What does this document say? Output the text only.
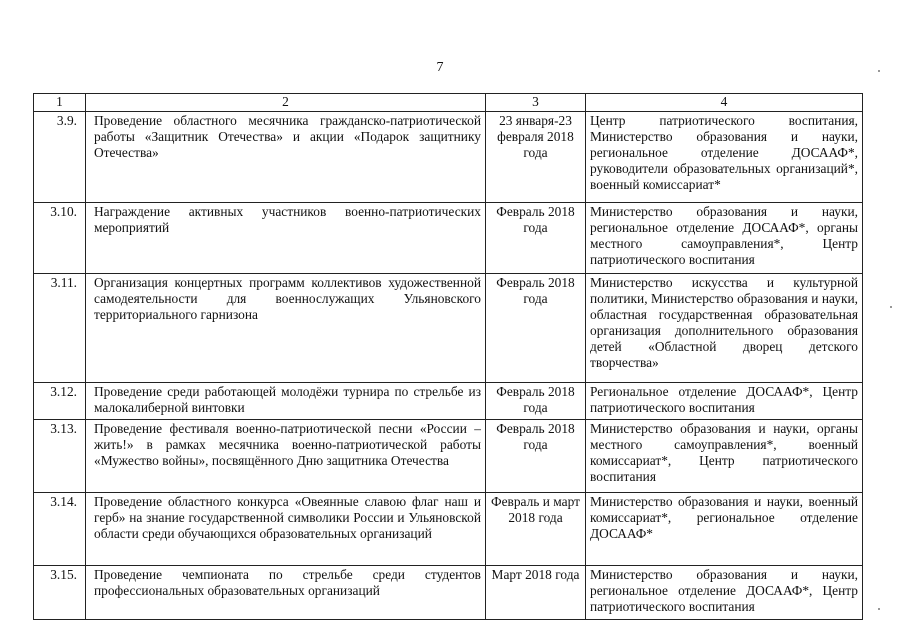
7
1	2	3	4
3.9.	Проведение областного месячника гражданско-патриотической работы «Защитник Отечества» и акции «Подарок защитнику Отечества»	23 января-23 февраля 2018 года	Центр патриотического воспитания, Министерство образования и науки, региональное отделение ДОСААФ*, руководители образовательных организаций*, военный комиссариат*
3.10.	Награждение активных участников военно-патриотических мероприятий	Февраль 2018 года	Министерство образования и науки, региональное отделение ДОСААФ*, органы местного самоуправления*, Центр патриотического воспитания
3.11.	Организация концертных программ коллективов художественной самодеятельности для военнослужащих Ульяновского территориального гарнизона	Февраль 2018 года	Министерство искусства и культурной политики, Министерство образования и науки, областная государственная образовательная организация дополнительного образования детей «Областной дворец детского творчества»
3.12.	Проведение среди работающей молодёжи турнира по стрельбе из малокалиберной винтовки	Февраль 2018 года	Региональное отделение ДОСААФ*, Центр патриотического воспитания
3.13.	Проведение фестиваля военно-патриотической песни «России – жить!» в рамках месячника военно-патриотической работы «Мужество войны», посвящённого Дню защитника Отечества	Февраль 2018 года	Министерство образования и науки, органы местного самоуправления*, военный комиссариат*, Центр патриотического воспитания
3.14.	Проведение областного конкурса «Овеянные славою флаг наш и герб» на знание государственной символики России и Ульяновской области среди обучающихся образовательных организаций	Февраль и март 2018 года	Министерство образования и науки, военный комиссариат*, региональное отделение ДОСААФ*
3.15.	Проведение чемпионата по стрельбе среди студентов профессиональных образовательных организаций	Март 2018 года	Министерство образования и науки, региональное отделение ДОСААФ*, Центр патриотического воспитания
